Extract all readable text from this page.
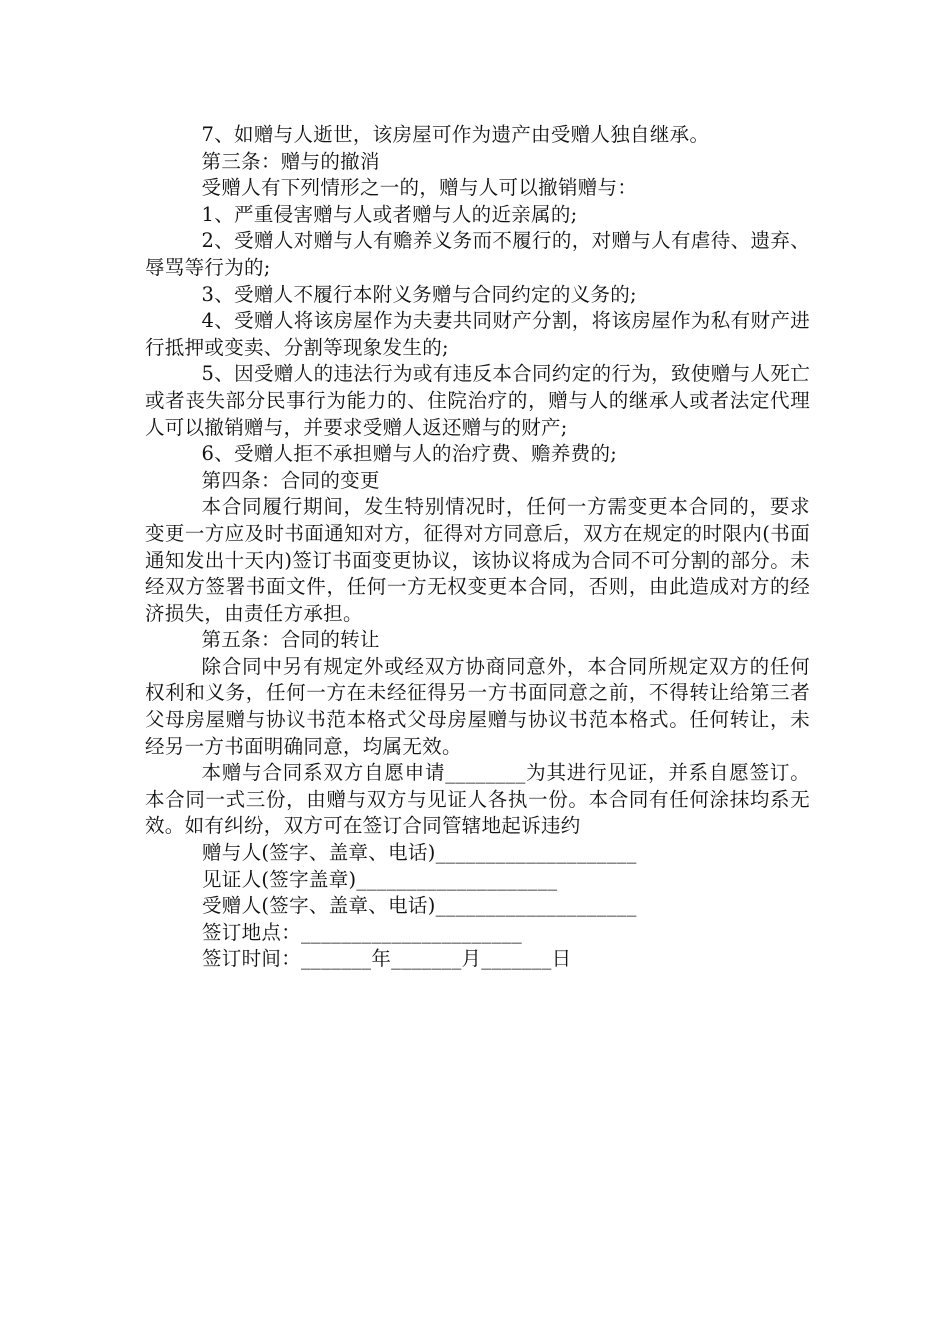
7、如赠与人逝世，该房屋可作为遗产由受赠人独自继承。

第三条：赠与的撤消

受赠人有下列情形之一的，赠与人可以撤销赠与：

1、严重侵害赠与人或者赠与人的近亲属的;

2、受赠人对赠与人有赡养义务而不履行的，对赠与人有虐待、遗弃、辱骂等行为的;

3、受赠人不履行本附义务赠与合同约定的义务的;

4、受赠人将该房屋作为夫妻共同财产分割，将该房屋作为私有财产进行抵押或变卖、分割等现象发生的;

5、因受赠人的违法行为或有违反本合同约定的行为，致使赠与人死亡或者丧失部分民事行为能力的、住院治疗的，赠与人的继承人或者法定代理人可以撤销赠与，并要求受赠人返还赠与的财产;

6、受赠人拒不承担赠与人的治疗费、赡养费的;

第四条：合同的变更

本合同履行期间，发生特别情况时，任何一方需变更本合同的，要求变更一方应及时书面通知对方，征得对方同意后，双方在规定的时限内(书面通知发出十天内)签订书面变更协议，该协议将成为合同不可分割的部分。未经双方签署书面文件，任何一方无权变更本合同，否则，由此造成对方的经济损失，由责任方承担。

第五条：合同的转让

除合同中另有规定外或经双方协商同意外，本合同所规定双方的任何权利和义务，任何一方在未经征得另一方书面同意之前，不得转让给第三者父母房屋赠与协议书范本格式父母房屋赠与协议书范本格式。任何转让，未经另一方书面明确同意，均属无效。

本赠与合同系双方自愿申请________为其进行见证，并系自愿签订。本合同一式三份，由赠与双方与见证人各执一份。本合同有任何涂抹均系无效。如有纠纷，双方可在签订合同管辖地起诉违约

赠与人(签字、盖章、电话)____________________

见证人(签字盖章)____________________

受赠人(签字、盖章、电话)____________________

签订地点：______________________

签订时间：_______年_______月_______日
